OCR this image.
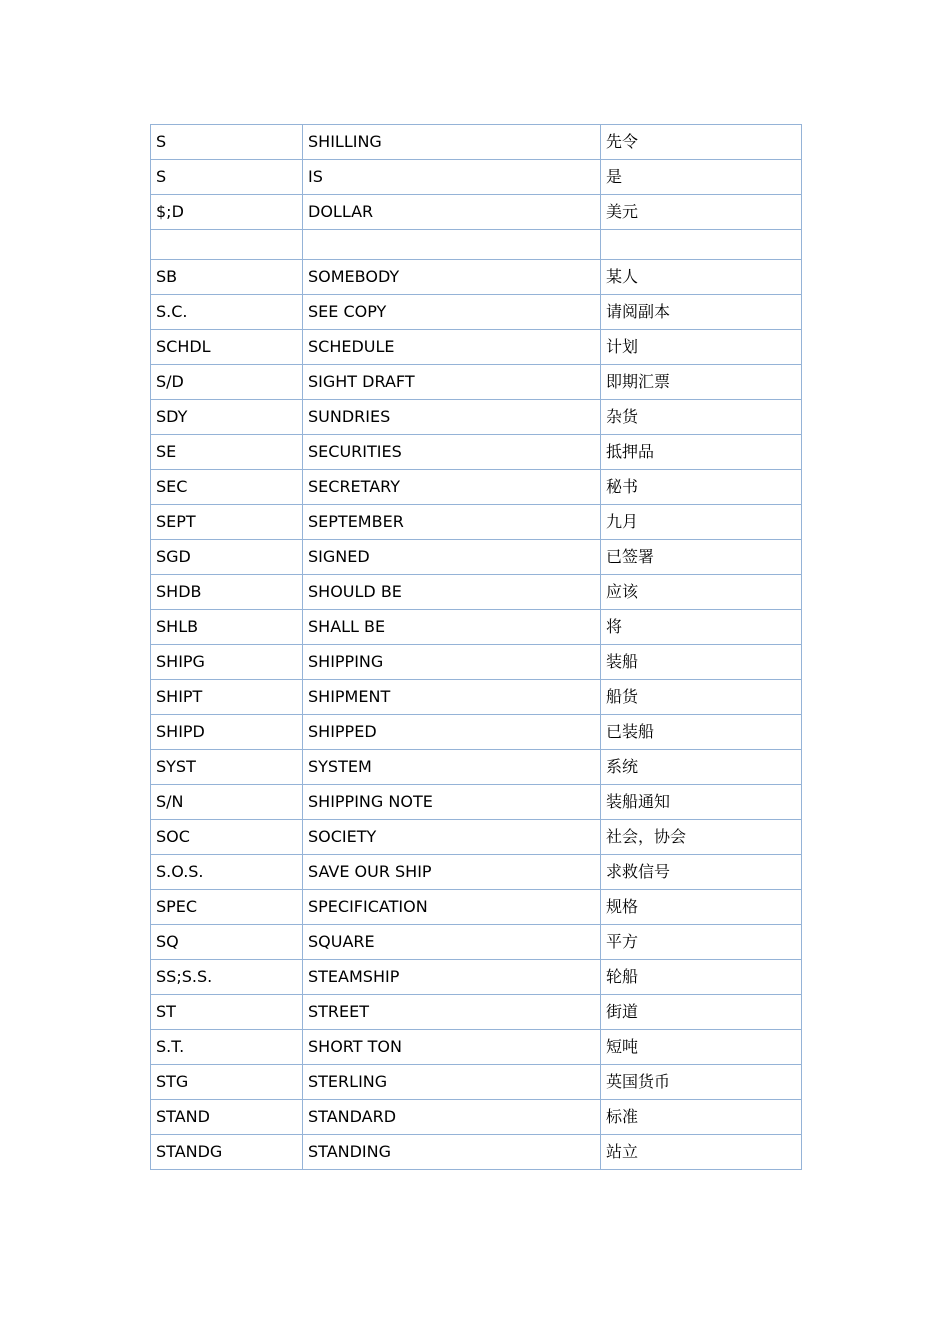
S	SHILLING	先令
S	IS	是
$;D	DOLLAR	美元

SB	SOMEBODY	某人
S.C.	SEE COPY	请阅副本
SCHDL	SCHEDULE	计划
S/D	SIGHT DRAFT	即期汇票
SDY	SUNDRIES	杂货
SE	SECURITIES	抵押品
SEC	SECRETARY	秘书
SEPT	SEPTEMBER	九月
SGD	SIGNED	已签署
SHDB	SHOULD BE	应该
SHLB	SHALL BE	将
SHIPG	SHIPPING	装船
SHIPT	SHIPMENT	船货
SHIPD	SHIPPED	已装船
SYST	SYSTEM	系统
S/N	SHIPPING NOTE	装船通知
SOC	SOCIETY	社会，协会
S.O.S.	SAVE OUR SHIP	求救信号
SPEC	SPECIFICATION	规格
SQ	SQUARE	平方
SS;S.S.	STEAMSHIP	轮船
ST	STREET	街道
S.T.	SHORT TON	短吨
STG	STERLING	英国货币
STAND	STANDARD	标准
STANDG	STANDING	站立
